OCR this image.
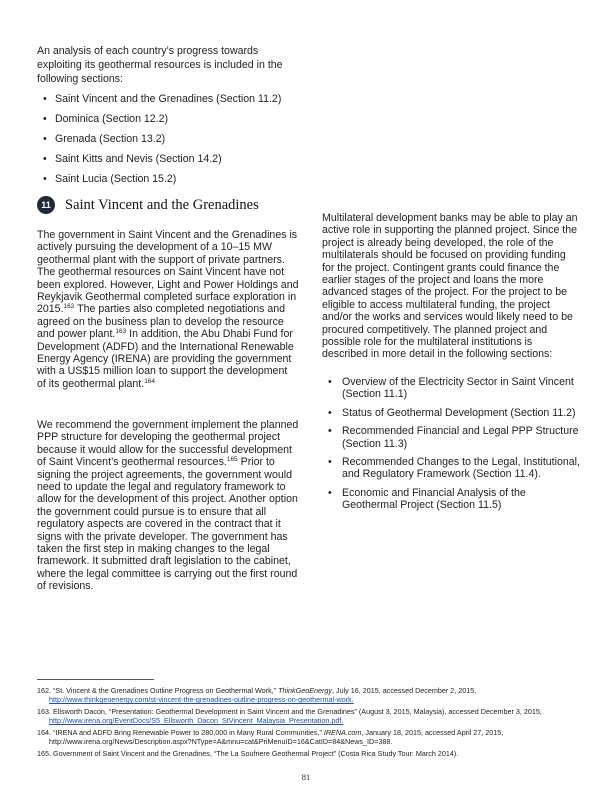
An analysis of each country’s progress towards exploiting its geothermal resources is included in the following sections:

• Saint Vincent and the Grenadines (Section 11.2)
• Dominica (Section 12.2)
• Grenada (Section 13.2)
• Saint Kitts and Nevis (Section 14.2)
• Saint Lucia (Section 15.2)
11 Saint Vincent and the Grenadines

The government in Saint Vincent and the Grenadines is actively pursuing the development of a 10–15 MW geothermal plant with the support of private partners. The geothermal resources on Saint Vincent have not been explored. However, Light and Power Holdings and Reykjavik Geothermal completed surface exploration in 2015.$^{162}$ The parties also completed negotiations and agreed on the business plan to develop the resource and power plant.$^{163}$ In addition, the Abu Dhabi Fund for Development (ADFD) and the International Renewable Energy Agency (IRENA) are providing the government with a US$15 million loan to support the development of its geothermal plant.$^{164}$

We recommend the government implement the planned PPP structure for developing the geothermal project because it would allow for the successful development of Saint Vincent’s geothermal resources.$^{165}$ Prior to signing the project agreements, the government would need to update the legal and regulatory framework to allow for the development of this project. Another option the government could pursue is to ensure that all regulatory aspects are covered in the contract that it signs with the private developer. The government has taken the first step in making changes to the legal framework. It submitted draft legislation to the cabinet, where the legal committee is carrying out the first round of revisions.

Multilateral development banks may be able to play an active role in supporting the planned project. Since the project is already being developed, the role of the multilaterals should be focused on providing funding for the project. Contingent grants could finance the earlier stages of the project and loans the more advanced stages of the project. For the project to be eligible to access multilateral funding, the project and/or the works and services would likely need to be procured competitively. The planned project and possible role for the multilateral institutions is described in more detail in the following sections:

• Overview of the Electricity Sector in Saint Vincent (Section 11.1)
• Status of Geothermal Development (Section 11.2)
• Recommended Financial and Legal PPP Structure (Section 11.3)
• Recommended Changes to the Legal, Institutional, and Regulatory Framework (Section 11.4).
• Economic and Financial Analysis of the Geothermal Project (Section 11.5)
162. “St. Vincent & the Grenadines Outline Progress on Geothermal Work,” ThinkGeoEnergy, July 16, 2015, accessed December 2, 2015, http://www.thinkgeoenergy.com/st-vincent-the-grenadines-outline-progress-on-geothermal-work.
163. Ellsworth Dacon, “Presentation: Geothermal Development in Saint Vincent and the Grenadines” (August 3, 2015, Malaysia), accessed December 3, 2015, http://www.irena.org/EventDocs/S5_Ellsworth_Dacon_StVincent_Malaysia_Presentation.pdf.
164. “IRENA and ADFD Bring Renewable Power to 280,000 in Many Rural Communities,” IRENA.com, January 18, 2015, accessed April 27, 2015, http://www.irena.org/News/Description.aspx?NType=A&mnu=cat&PriMenuID=16&CatID=84&News_ID=388.
165. Government of Saint Vincent and the Grenadines, “The La Soufriere Geothermal Project” (Costa Rica Study Tour: March 2014).
81
